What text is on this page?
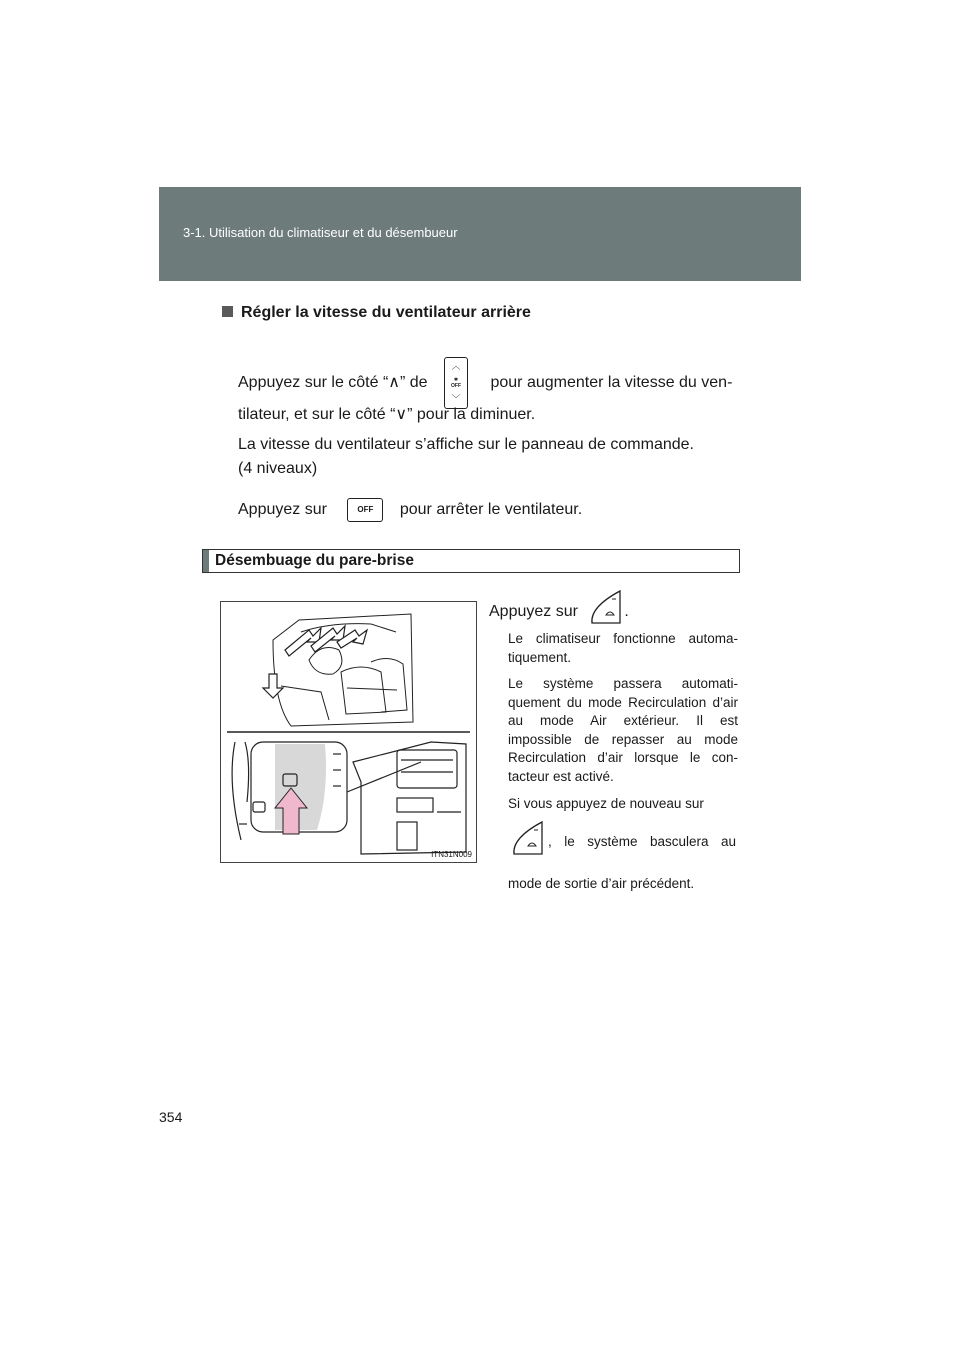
3-1. Utilisation du climatiseur et du désembueur
Régler la vitesse du ventilateur arrière
Appuyez sur le côté “∧” de
︿
✱
OFF
﹀
pour augmenter la vitesse du ven-
tilateur, et sur le côté “∨” pour la diminuer.
La vitesse du ventilateur s’affiche sur le panneau de commande.
(4 niveaux)
Appuyez sur	OFF pour arrêter le ventilateur.
Désembuage du pare-brise
ITN31N009
Appuyez sur	.
Le climatiseur fonctionne automa-tiquement.
Le système passera automati-quement du mode Recirculation d’air au mode Air extérieur. Il est impossible de repasser au mode Recirculation d’air lorsque le con-tacteur est activé.
Si vous appuyez de nouveau sur
, le système basculera au
mode de sortie d’air précédent.
354
